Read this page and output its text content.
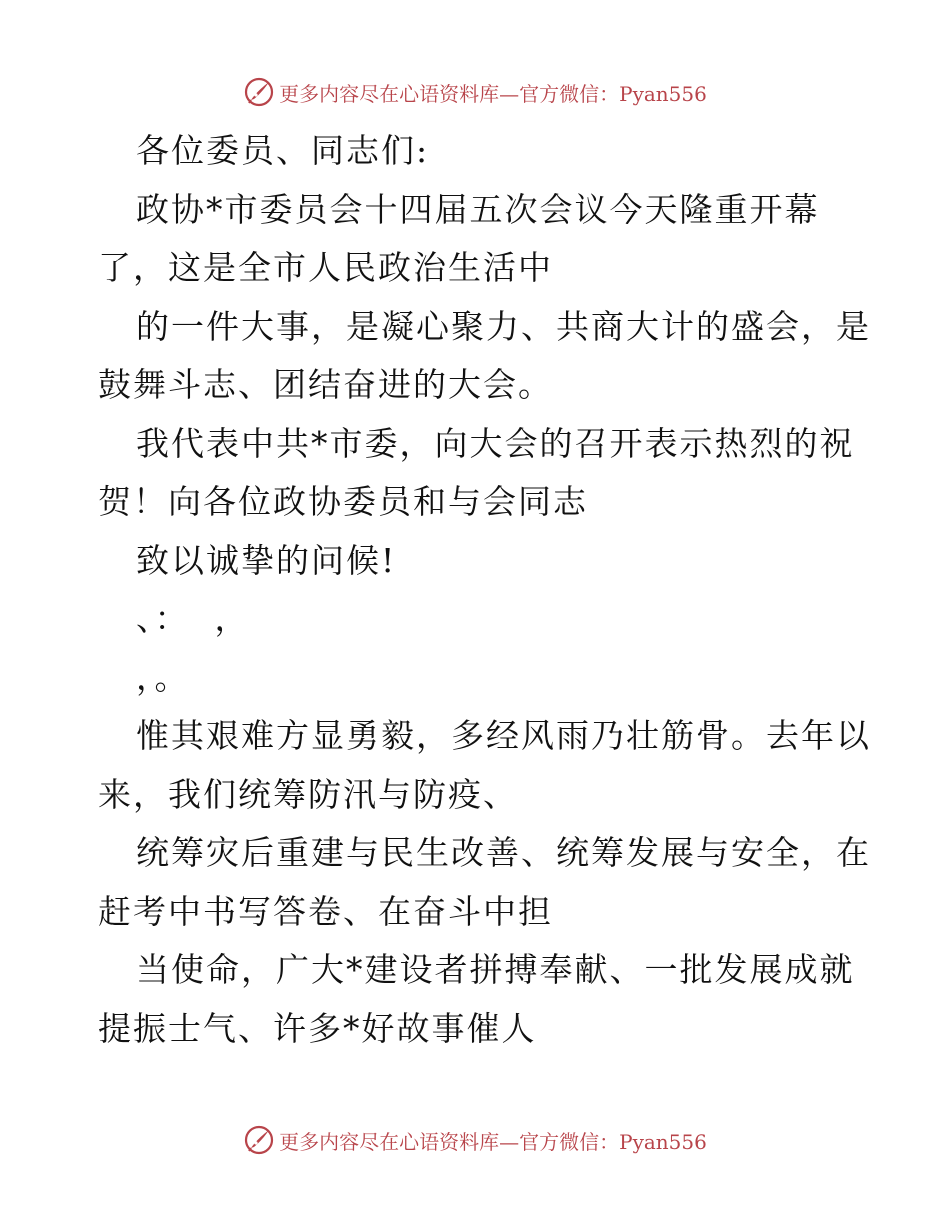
更多内容尽在心语资料库—官方微信：Pyan556
各位委员、同志们:
政协*市委员会十四届五次会议今天隆重开幕
了，这是全市人民政治生活中
的一件大事，是凝心聚力、共商大计的盛会，是
鼓舞斗志、团结奋进的大会。
我代表中共*市委，向大会的召开表示热烈的祝
贺！向各位政协委员和与会同志
致以诚挚的问候!
、：  ，
，。
惟其艰难方显勇毅，多经风雨乃壮筋骨。去年以
来，我们统筹防汛与防疫、
统筹灾后重建与民生改善、统筹发展与安全，在
赶考中书写答卷、在奋斗中担
当使命，广大*建设者拼搏奉献、一批发展成就
提振士气、许多*好故事催人
更多内容尽在心语资料库—官方微信：Pyan556
